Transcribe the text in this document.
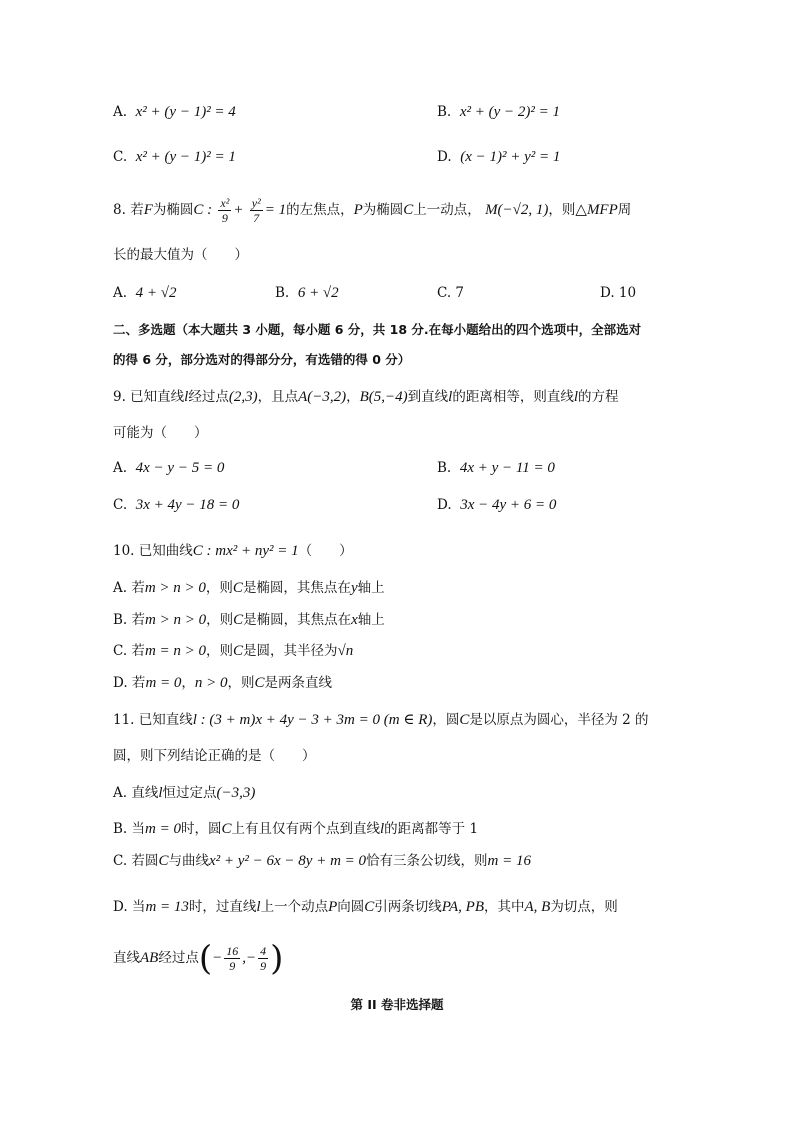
A. x² + (y − 1)² = 4	B. x² + (y − 2)² = 1
C. x² + (y − 1)² = 1	D. (x − 1)² + y² = 1
8. 若F为椭圆C : $\frac{\text{x²}}{9} + \frac{\text{y²}}{7} = 1$的左焦点，P为椭圆C上一动点， M(−√2, 1)，则△MFP周
长的最大值为（　　）
A. 4 + √2	B. 6 + √2	C. 7	D. 10
二、多选题（本大题共 3 小题，每小题 6 分，共 18 分.在每小题给出的四个选项中，全部选对
的得 6 分，部分选对的得部分分，有选错的得 0 分）
9. 已知直线l经过点(2,3)，且点A(−3,2)，B(5,−4)到直线l的距离相等，则直线l的方程
可能为（　　）
A. 4x − y − 5 = 0	B. 4x + y − 11 = 0
C. 3x + 4y − 18 = 0	D. 3x − 4y + 6 = 0
10. 已知曲线C : mx² + ny² = 1（　　）
A. 若m > n > 0，则C是椭圆，其焦点在y轴上
B. 若m > n > 0，则C是椭圆，其焦点在x轴上
C. 若m = n > 0，则C是圆，其半径为√n
D. 若m = 0，n > 0，则C是两条直线
11. 已知直线l : (3 + m)x + 4y − 3 + 3m = 0 (m ∈ R)，圆C是以原点为圆心，半径为 2 的
圆，则下列结论正确的是（　　）
A. 直线l恒过定点(−3,3)
B. 当m = 0时，圆C上有且仅有两个点到直线l的距离都等于 1
C. 若圆C与曲线x² + y² − 6x − 8y + m = 0恰有三条公切线，则m = 16
D. 当m = 13时，过直线l上一个动点P向圆C引两条切线PA, PB，其中A, B为切点，则
直线AB经过点(− $\frac{16}{9}$ ,− $\frac{4}{9}$ )
第 II 卷非选择题
